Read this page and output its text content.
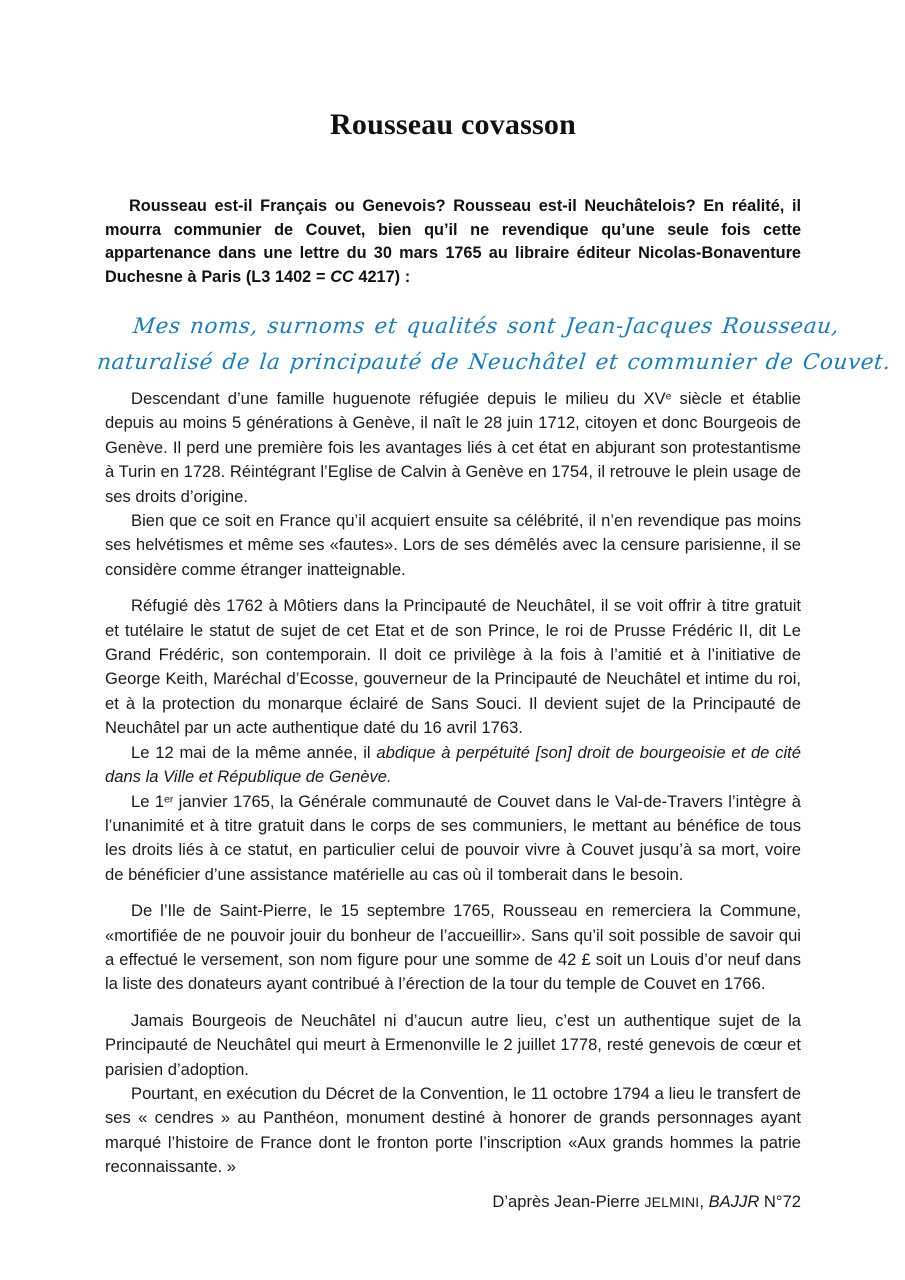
Rousseau covasson

Rousseau est-il Français ou Genevois? Rousseau est-il Neuchâtelois? En réalité, il mourra communier de Couvet, bien qu’il ne revendique qu’une seule fois cette appartenance dans une lettre du 30 mars 1765 au libraire éditeur Nicolas-Bonaventure Duchesne à Paris (L3 1402 = CC 4217) :

Mes noms, surnoms et qualités sont Jean-Jacques Rousseau,
naturalisé de la principauté de Neuchâtel et communier de Couvet.

Descendant d’une famille huguenote réfugiée depuis le milieu du XVe siècle et établie depuis au moins 5 générations à Genève, il naît le 28 juin 1712, citoyen et donc Bourgeois de Genève. Il perd une première fois les avantages liés à cet état en abjurant son protestantisme à Turin en 1728. Réintégrant l’Eglise de Calvin à Genève en 1754, il retrouve le plein usage de ses droits d’origine.

Bien que ce soit en France qu’il acquiert ensuite sa célébrité, il n’en revendique pas moins ses helvétismes et même ses «fautes». Lors de ses démêlés avec la censure parisienne, il se considère comme étranger inatteignable.

Réfugié dès 1762 à Môtiers dans la Principauté de Neuchâtel, il se voit offrir à titre gratuit et tutélaire le statut de sujet de cet Etat et de son Prince, le roi de Prusse Frédéric II, dit Le Grand Frédéric, son contemporain. Il doit ce privilège à la fois à l’amitié et à l’initiative de George Keith, Maréchal d’Ecosse, gouverneur de la Principauté de Neuchâtel et intime du roi, et à la protection du monarque éclairé de Sans Souci. Il devient sujet de la Principauté de Neuchâtel par un acte authentique daté du 16 avril 1763.

Le 12 mai de la même année, il abdique à perpétuité [son] droit de bourgeoisie et de cité dans la Ville et République de Genève.

Le 1er janvier 1765, la Générale communauté de Couvet dans le Val-de-Travers l’intègre à l’unanimité et à titre gratuit dans le corps de ses communiers, le mettant au bénéfice de tous les droits liés à ce statut, en particulier celui de pouvoir vivre à Couvet jusqu’à sa mort, voire de bénéficier d’une assistance matérielle au cas où il tomberait dans le besoin.

De l’Ile de Saint-Pierre, le 15 septembre 1765, Rousseau en remerciera la Commune, «mortifiée de ne pouvoir jouir du bonheur de l’accueillir». Sans qu’il soit possible de savoir qui a effectué le versement, son nom figure pour une somme de 42 £ soit un Louis d’or neuf dans la liste des donateurs ayant contribué à l’érection de la tour du temple de Couvet en 1766.

Jamais Bourgeois de Neuchâtel ni d’aucun autre lieu, c’est un authentique sujet de la Principauté de Neuchâtel qui meurt à Ermenonville le 2 juillet 1778, resté genevois de cœur et parisien d’adoption.

Pourtant, en exécution du Décret de la Convention, le 11 octobre 1794 a lieu le transfert de ses « cendres » au Panthéon, monument destiné à honorer de grands personnages ayant marqué l’histoire de France dont le fronton porte l’inscription «Aux grands hommes la patrie reconnaissante. »

D’après Jean-Pierre JELMINI, BAJJR N°72
